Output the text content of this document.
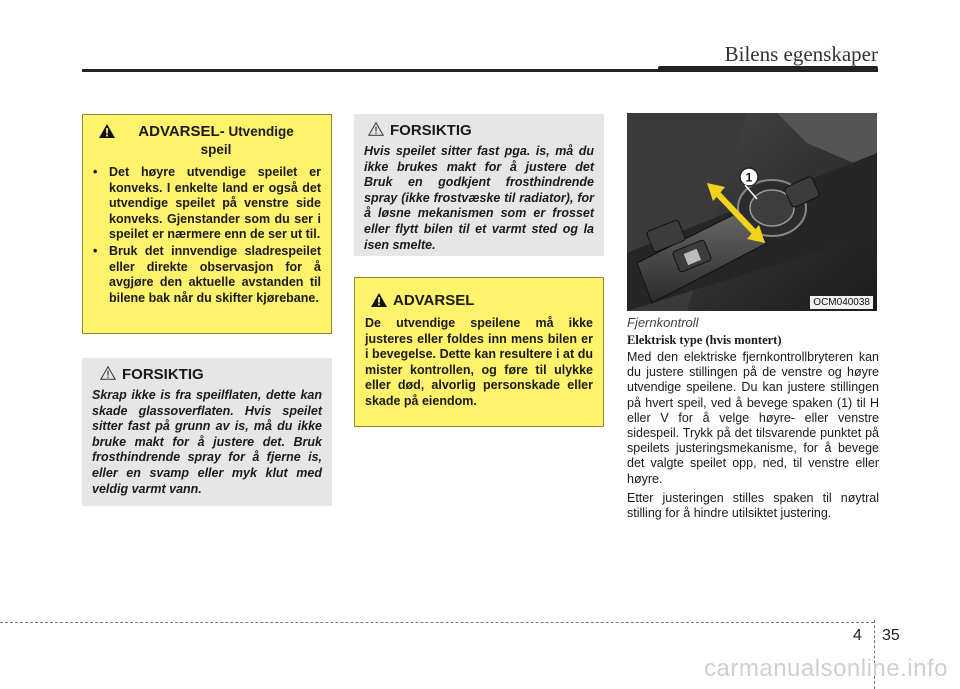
Bilens egenskaper
ADVARSEL- Utvendige
speil
• Det høyre utvendige speilet er konveks. I enkelte land er også det utvendige speilet på venstre side konveks. Gjenstander som du ser i speilet er nærmere enn de ser ut til.
• Bruk det innvendige sladrespeilet eller direkte observasjon for å avgjøre den aktuelle avstanden til bilene bak når du skifter kjørebane.
FORSIKTIG
Skrap ikke is fra speilflaten, dette kan skade glassoverflaten. Hvis speilet sitter fast på grunn av is, må du ikke bruke makt for å justere det. Bruk frosthindrende spray for å fjerne is, eller en svamp eller myk klut med veldig varmt vann.
FORSIKTIG
Hvis speilet sitter fast pga. is, må du ikke brukes makt for å justere det Bruk en godkjent frosthindrende spray (ikke frostvæske til radiator), for å løsne mekanismen som er frosset eller flytt bilen til et varmt sted og la isen smelte.
ADVARSEL
De utvendige speilene må ikke justeres eller foldes inn mens bilen er i bevegelse. Dette kan resultere i at du mister kontrollen, og føre til ulykke eller død, alvorlig personskade eller skade på eiendom.
1
OCM040038
Fjernkontroll
Elektrisk type (hvis montert)
Med den elektriske fjernkontrollbryteren kan du justere stillingen på de venstre og høyre utvendige speilene. Du kan justere stillingen på hvert speil, ved å bevege spaken (1) til H eller V for å velge høyre- eller venstre sidespeil. Trykk på det tilsvarende punktet på speilets justeringsmekanisme, for å bevege det valgte speilet opp, ned, til venstre eller høyre.
Etter justeringen stilles spaken til nøytral stilling for å hindre utilsiktet justering.
4 35
carmanualsonline.info
